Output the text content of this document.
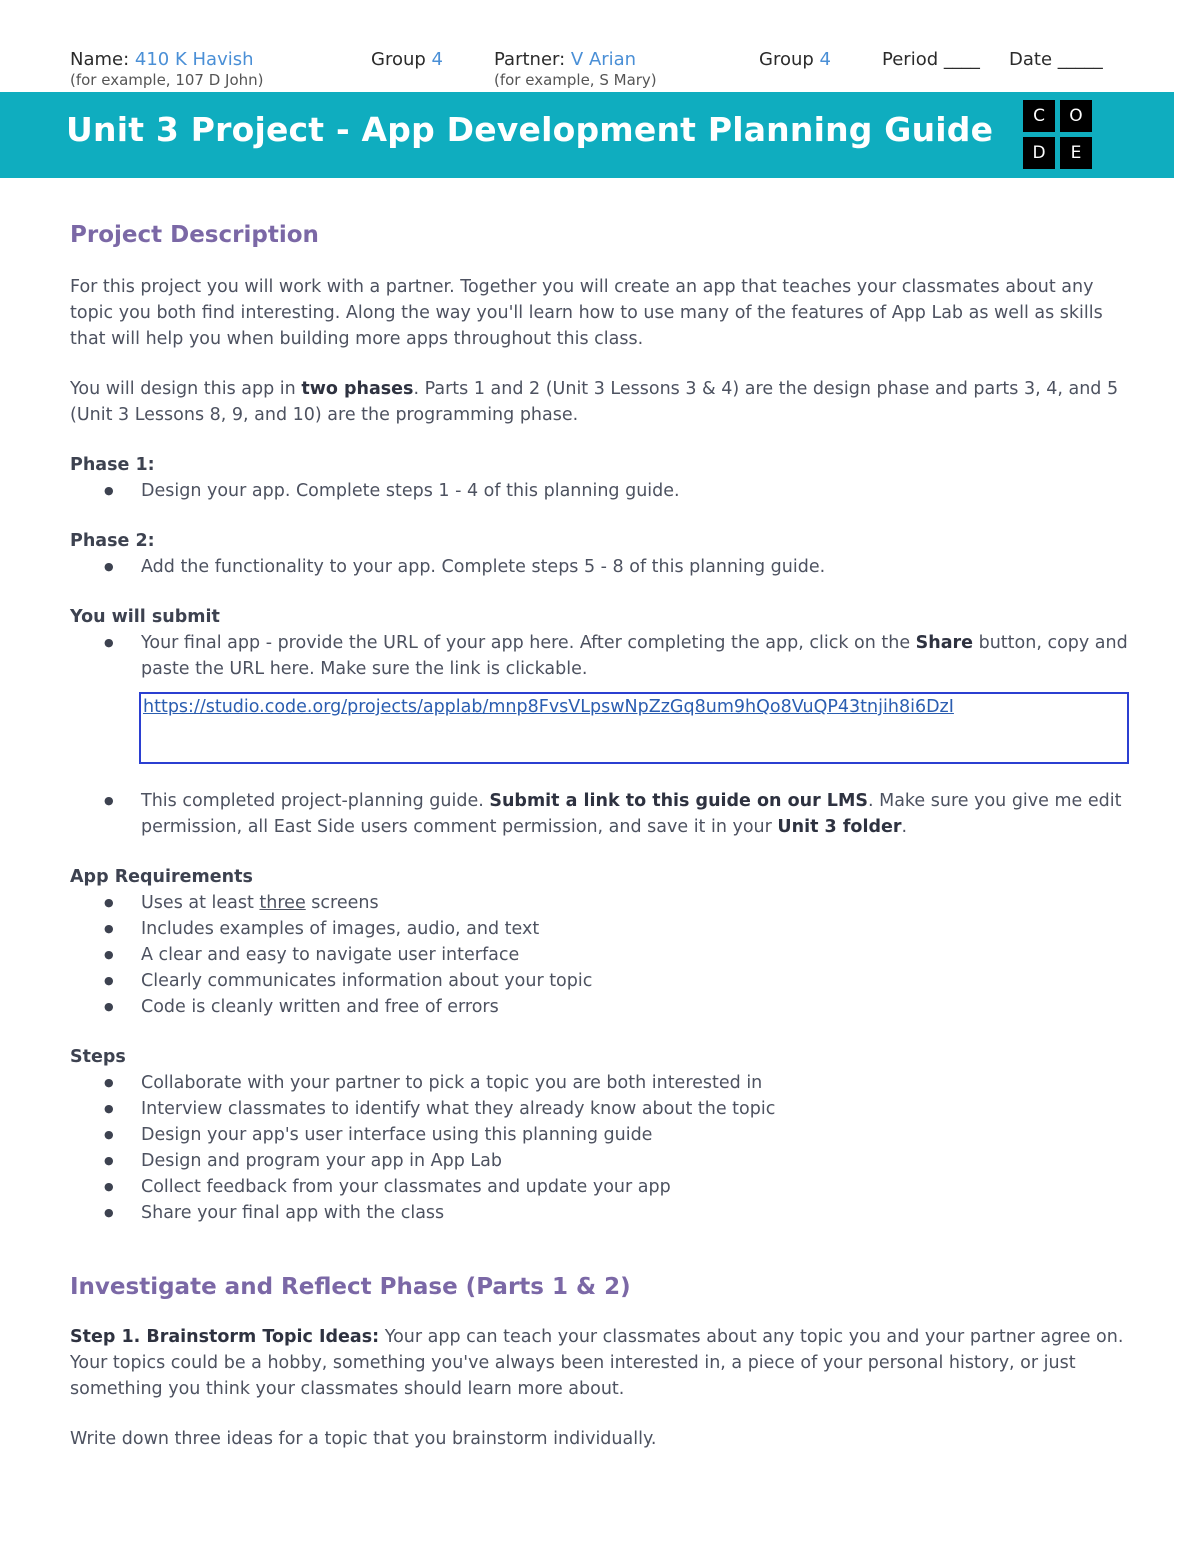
Name: 410 K Havish
(for example, 107 D John)
Group 4	Partner: V Arian
(for example, S Mary)
Group 4	Period ____ Date _____
Unit 3 Project - App Development Planning Guide	C	O
D	E
Project Description

For this project you will work with a partner. Together you will create an app that teaches your classmates about any topic you both find interesting. Along the way you'll learn how to use many of the features of App Lab as well as skills that will help you when building more apps throughout this class.

You will design this app in two phases. Parts 1 and 2 (Unit 3 Lessons 3 & 4) are the design phase and parts 3, 4, and 5 (Unit 3 Lessons 8, 9, and 10) are the programming phase.

Phase 1:

● Design your app. Complete steps 1 - 4 of this planning guide.

Phase 2:

● Add the functionality to your app. Complete steps 5 - 8 of this planning guide.

You will submit

● Your final app - provide the URL of your app here. After completing the app, click on the Share button, copy and paste the URL here. Make sure the link is clickable.
https://studio.code.org/projects/applab/mnp8FvsVLpswNpZzGq8um9hQo8VuQP43tnjih8i6DzI
● This completed project-planning guide. Submit a link to this guide on our LMS. Make sure you give me edit permission, all East Side users comment permission, and save it in your Unit 3 folder.

App Requirements

● Uses at least three screens
● Includes examples of images, audio, and text
● A clear and easy to navigate user interface
● Clearly communicates information about your topic
● Code is cleanly written and free of errors

Steps

● Collaborate with your partner to pick a topic you are both interested in
● Interview classmates to identify what they already know about the topic
● Design your app's user interface using this planning guide
● Design and program your app in App Lab
● Collect feedback from your classmates and update your app
● Share your final app with the class
Investigate and Reflect Phase (Parts 1 & 2)

Step 1. Brainstorm Topic Ideas: Your app can teach your classmates about any topic you and your partner agree on. Your topics could be a hobby, something you've always been interested in, a piece of your personal history, or just something you think your classmates should learn more about.

Write down three ideas for a topic that you brainstorm individually.
